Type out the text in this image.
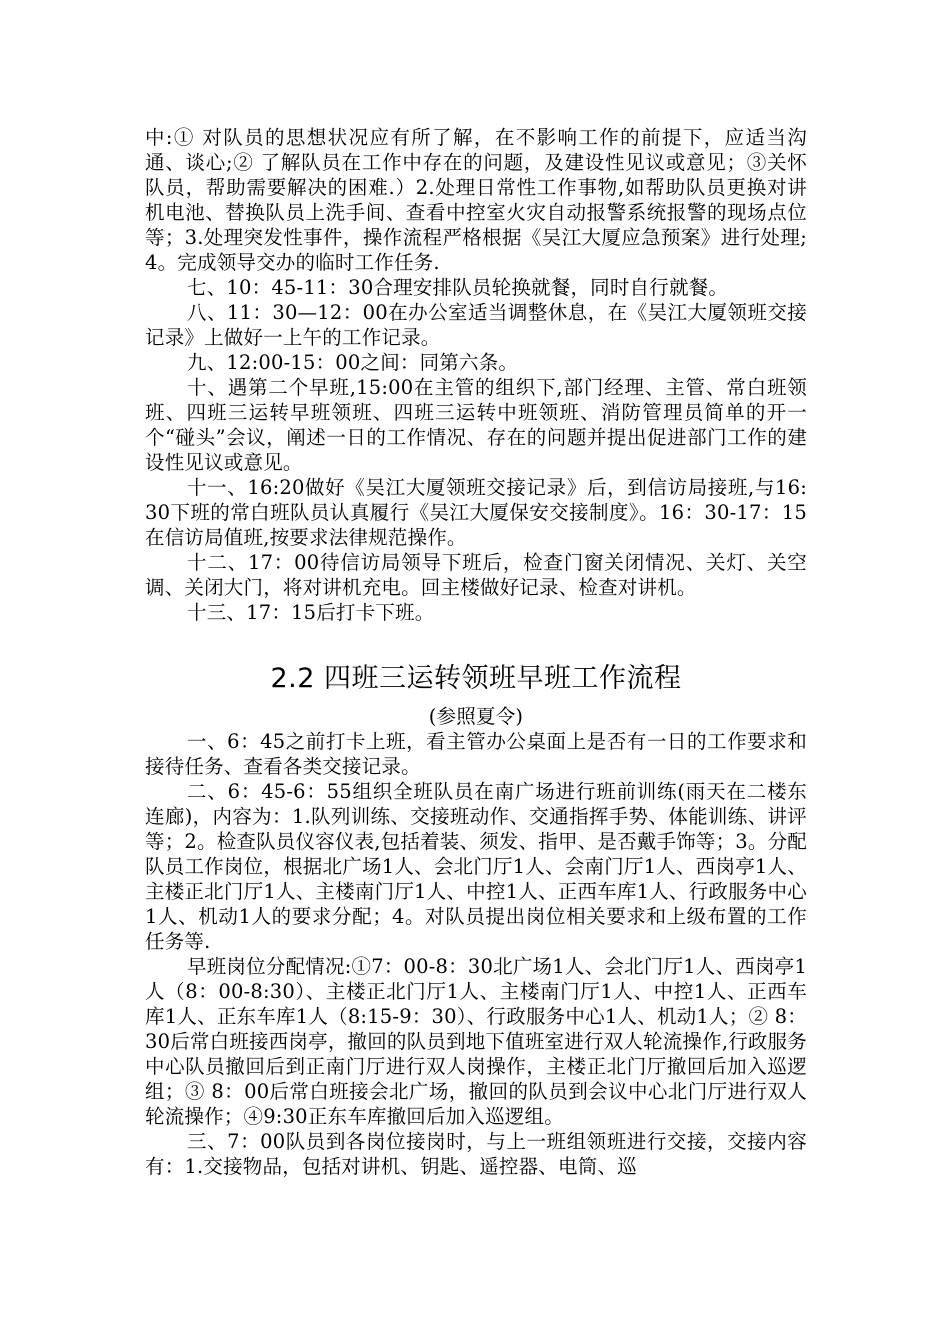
中:① 对队员的思想状况应有所了解，在不影响工作的前提下，应适当沟通、谈心;② 了解队员在工作中存在的问题，及建设性见议或意见；③关怀队员，帮助需要解决的困难.）2.处理日常性工作事物,如帮助队员更换对讲机电池、替换队员上洗手间、查看中控室火灾自动报警系统报警的现场点位等；3.处理突发性事件，操作流程严格根据《吴江大厦应急预案》进行处理;4。完成领导交办的临时工作任务.

七、10：45-11：30合理安排队员轮换就餐，同时自行就餐。

八、11：30—12：00在办公室适当调整休息，在《吴江大厦领班交接记录》上做好一上午的工作记录。

九、12:00-15：00之间：同第六条。

十、遇第二个早班,15:00在主管的组织下,部门经理、主管、常白班领班、四班三运转早班领班、四班三运转中班领班、消防管理员简单的开一个“碰头”会议，阐述一日的工作情况、存在的问题并提出促进部门工作的建设性见议或意见。

十一、16:20做好《吴江大厦领班交接记录》后，到信访局接班,与16:30下班的常白班队员认真履行《吴江大厦保安交接制度》。16：30-17：15在信访局值班,按要求法律规范操作。

十二、17：00待信访局领导下班后，检查门窗关闭情况、关灯、关空调、关闭大门，将对讲机充电。回主楼做好记录、检查对讲机。

十三、17：15后打卡下班。

2.2 四班三运转领班早班工作流程

(参照夏令)

一、6：45之前打卡上班，看主管办公桌面上是否有一日的工作要求和接待任务、查看各类交接记录。

二、6：45-6：55组织全班队员在南广场进行班前训练(雨天在二楼东连廊)，内容为：1.队列训练、交接班动作、交通指挥手势、体能训练、讲评等；2。检查队员仪容仪表,包括着装、须发、指甲、是否戴手饰等；3。分配队员工作岗位，根据北广场1人、会北门厅1人、会南门厅1人、西岗亭1人、主楼正北门厅1人、主楼南门厅1人、中控1人、正西车库1人、行政服务中心1人、机动1人的要求分配；4。对队员提出岗位相关要求和上级布置的工作任务等.

早班岗位分配情况:①7：00-8：30北广场1人、会北门厅1人、西岗亭1人（8：00-8:30）、主楼正北门厅1人、主楼南门厅1人、中控1人、正西车库1人、正东车库1人（8:15-9：30）、行政服务中心1人、机动1人；② 8：30后常白班接西岗亭，撤回的队员到地下值班室进行双人轮流操作,行政服务中心队员撤回后到正南门厅进行双人岗操作，主楼正北门厅撤回后加入巡逻组；③ 8：00后常白班接会北广场，撤回的队员到会议中心北门厅进行双人轮流操作；④9:30正东车库撤回后加入巡逻组。

三、7：00队员到各岗位接岗时，与上一班组领班进行交接，交接内容有：1.交接物品，包括对讲机、钥匙、遥控器、电筒、巡
